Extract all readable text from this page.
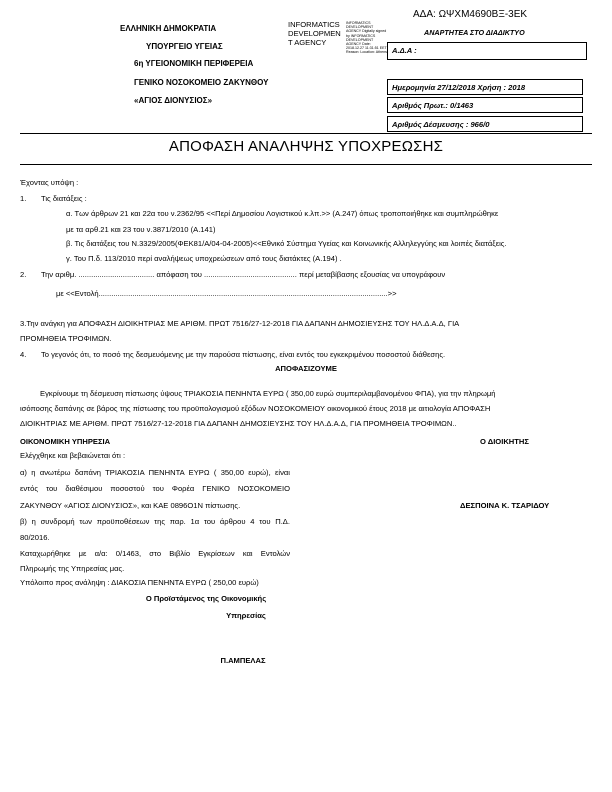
ΕΛΛΗΝΙΚΗ ΔΗΜΟΚΡΑΤΙΑ
ΥΠΟΥΡΓΕΙΟ ΥΓΕΙΑΣ
6η ΥΓΕΙΟΝΟΜΙΚΗ ΠΕΡΙΦΕΡΕΙΑ
ΓΕΝΙΚΟ ΝΟΣΟΚΟΜΕΙΟ ΖΑΚΥΝΘΟΥ
«ΑΓΙΟΣ ΔΙΟΝΥΣΙΟΣ»
INFORMATICS
DEVELOPMEN
T AGENCY
INFORMATICS DEVELOPMENT AGENCY Digitally signed by INFORMATICS DEVELOPMENT AGENCY Date: 2018.12.27 11:31:51 EET Reason: Location: Athens
ΑΔΑ: ΩΨΧΜ4690ΒΞ-3ΕΚ
ΑΝΑΡΤΗΤΕΑ ΣΤΟ ΔΙΑΔΙΚΤΥΟ
Α.Δ.Α :
Ημερομηνία 27/12/2018 Χρήση : 2018
Αριθμός Πρωτ.: 0/1463
Αριθμός Δέσμευσης : 966/0
ΑΠΟΦΑΣΗ ΑΝΑΛΗΨΗΣ ΥΠΟΧΡΕΩΣΗΣ
Έχοντας υπόψη :
1. Τις διατάξεις :
α. Των άρθρων 21 και 22α του ν.2362/95 <<Περί Δημοσίου Λογιστικού κ.λπ.>> (Α.247) όπως τροποποιήθηκε και συμπληρώθηκε
με τα αρθ.21 και 23 του ν.3871/2010 (Α.141)
β. Τις διατάξεις του Ν.3329/2005(ΦΕΚ81/Α/04-04-2005)<<Εθνικό Σύστημα Υγείας και Κοινωνικής Αλληλεγγύης και λοιπές διατάξεις.
γ. Του Π.δ. 113/2010 περί αναλήψεως υποχρεώσεων από τους διατάκτες (Α.194) .
2. Την αριθμ. .................................... απόφαση του ............................................ περί μεταβίβασης εξουσίας να υπογράφουν
με <<Εντολή.........................................................................................................................................>>
3.Την ανάγκη για ΑΠΟΦΑΣΗ ΔΙΟΙΚΗΤΡΙΑΣ ΜΕ ΑΡΙΘΜ. ΠΡΩΤ 7516/27-12-2018 ΓΙΑ ΔΑΠΑΝΗ ΔΗΜΟΣΙΕΥΣΗΣ ΤΟΥ ΗΛ.Δ.Α.Δ, ΓΙΑ
ΠΡΟΜΗΘΕΙΑ ΤΡΟΦΙΜΩΝ.
4. Το γεγονός ότι, το ποσό της δεσμευόμενης με την παρούσα πίστωσης, είναι εντός του εγκεκριμένου ποσοστού διάθεσης.
ΑΠΟΦΑΣΙΖΟΥΜΕ
Εγκρίνουμε τη δέσμευση πίστωσης ύψους ΤΡΙΑΚΟΣΙΑ ΠΕΝΗΝΤΑ ΕΥΡΩ ( 350,00 ευρώ συμπεριλαμβανομένου ΦΠΑ), για την πληρωμή
ισόποσης δαπάνης σε βάρος της πίστωσης του προϋπολογισμού εξόδων ΝΟΣΟΚΟΜΕΙΟΥ οικονομικού έτους 2018 με αιτιολογία ΑΠΟΦΑΣΗ
ΔΙΟΙΚΗΤΡΙΑΣ ΜΕ ΑΡΙΘΜ. ΠΡΩΤ 7516/27-12-2018 ΓΙΑ ΔΑΠΑΝΗ ΔΗΜΟΣΙΕΥΣΗΣ ΤΟΥ ΗΛ.Δ.Α.Δ, ΓΙΑ ΠΡΟΜΗΘΕΙΑ ΤΡΟΦΙΜΩΝ..
ΟΙΚΟΝΟΜΙΚΗ ΥΠΗΡΕΣΙΑ	Ο ΔΙΟΙΚΗΤΗΣ
Ελέγχθηκε και βεβαιώνεται ότι :
α) η ανωτέρω δαπάνη ΤΡΙΑΚΟΣΙΑ ΠΕΝΗΝΤΑ ΕΥΡΩ ( 350,00 ευρώ), είναι
εντός του διαθέσιμου ποσοστού του Φορέα ΓΕΝΙΚΟ ΝΟΣΟΚΟΜΕΙΟ
ΖΑΚΥΝΘΟΥ «ΑΓΙΟΣ ΔΙΟΝΥΣΙΟΣ», και ΚΑΕ 0896Ο1Ν πίστωσης.	ΔΕΣΠΟΙΝΑ Κ. ΤΣΑΡΙΔΟΥ
β) η συνδρομή των προϋποθέσεων της παρ. 1α του άρθρου 4 του Π.Δ.
80/2016.
Καταχωρήθηκε με α/α: 0/1463, στο Βιβλίο Εγκρίσεων και Εντολών
Πληρωμής της Υπηρεσίας μας.
Υπόλοιπο προς ανάληψη : ΔΙΑΚΟΣΙΑ ΠΕΝΗΝΤΑ ΕΥΡΩ ( 250,00 ευρώ)
Ο Προϊστάμενος της Οικονομικής
Υπηρεσίας
Π.ΑΜΠΕΛΑΣ
